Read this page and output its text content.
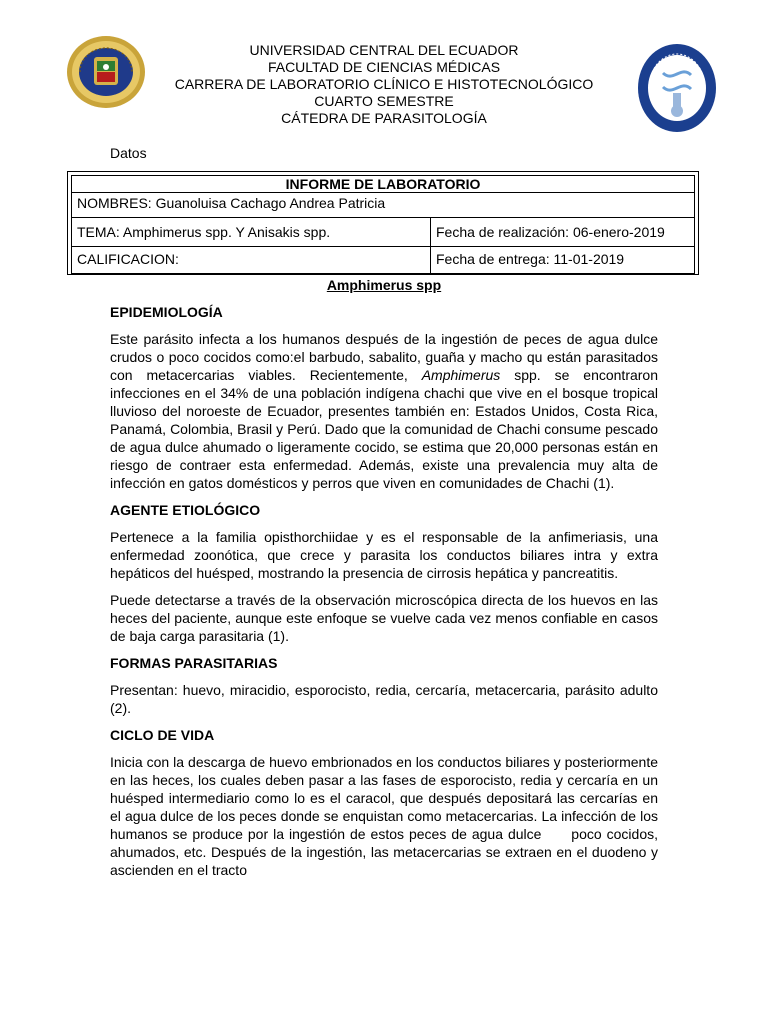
UNIVERSIDAD CENTRAL DEL ECUADOR
FACULTAD DE CIENCIAS MÉDICAS
CARRERA DE LABORATORIO CLÍNICO E HISTOTECNOLÓGICO
CUARTO SEMESTRE
CÁTEDRA DE PARASITOLOGÍA
Datos
INFORME DE LABORATORIO
NOMBRES: Guanoluisa Cachago Andrea Patricia
TEMA: Amphimerus spp. Y Anisakis spp.	Fecha de realización: 06-enero-2019
CALIFICACION:	Fecha de entrega: 11-01-2019
Amphimerus spp
EPIDEMIOLOGÍA

Este parásito infecta a los humanos después de la ingestión de peces de agua dulce crudos o poco cocidos como:el barbudo, sabalito, guaña y macho qu están parasitados con metacercarias viables. Recientemente, Amphimerus spp. se encontraron infecciones en el 34% de una población indígena chachi que vive en el bosque tropical lluvioso del noroeste de Ecuador, presentes también en: Estados Unidos, Costa Rica, Panamá, Colombia, Brasil y Perú. Dado que la comunidad de Chachi consume pescado de agua dulce ahumado o ligeramente cocido, se estima que 20,000 personas están en riesgo de contraer esta enfermedad. Además, existe una prevalencia muy alta de infección en gatos domésticos y perros que viven en comunidades de Chachi (1).

AGENTE ETIOLÓGICO

Pertenece a la familia opisthorchiidae y es el responsable de la anfimeriasis, una enfermedad zoonótica, que crece y parasita los conductos biliares intra y extra hepáticos del huésped, mostrando la presencia de cirrosis hepática y pancreatitis.

Puede detectarse a través de la observación microscópica directa de los huevos en las heces del paciente, aunque este enfoque se vuelve cada vez menos confiable en casos de baja carga parasitaria (1).

FORMAS PARASITARIAS

Presentan: huevo, miracidio, esporocisto, redia, cercaría, metacercaria, parásito adulto (2).

CICLO DE VIDA

Inicia con la descarga de huevo embrionados en los conductos biliares y posteriormente en las heces, los cuales deben pasar a las fases de esporocisto, redia y cercaría en un huésped intermediario como lo es el caracol, que después depositará las cercarías en el agua dulce de los peces donde se enquistan como metacercarias. La infección de los humanos se produce por la ingestión de estos peces de agua dulce      poco cocidos, ahumados, etc. Después de la ingestión, las metacercarias se extraen en el duodeno y ascienden en el tracto
